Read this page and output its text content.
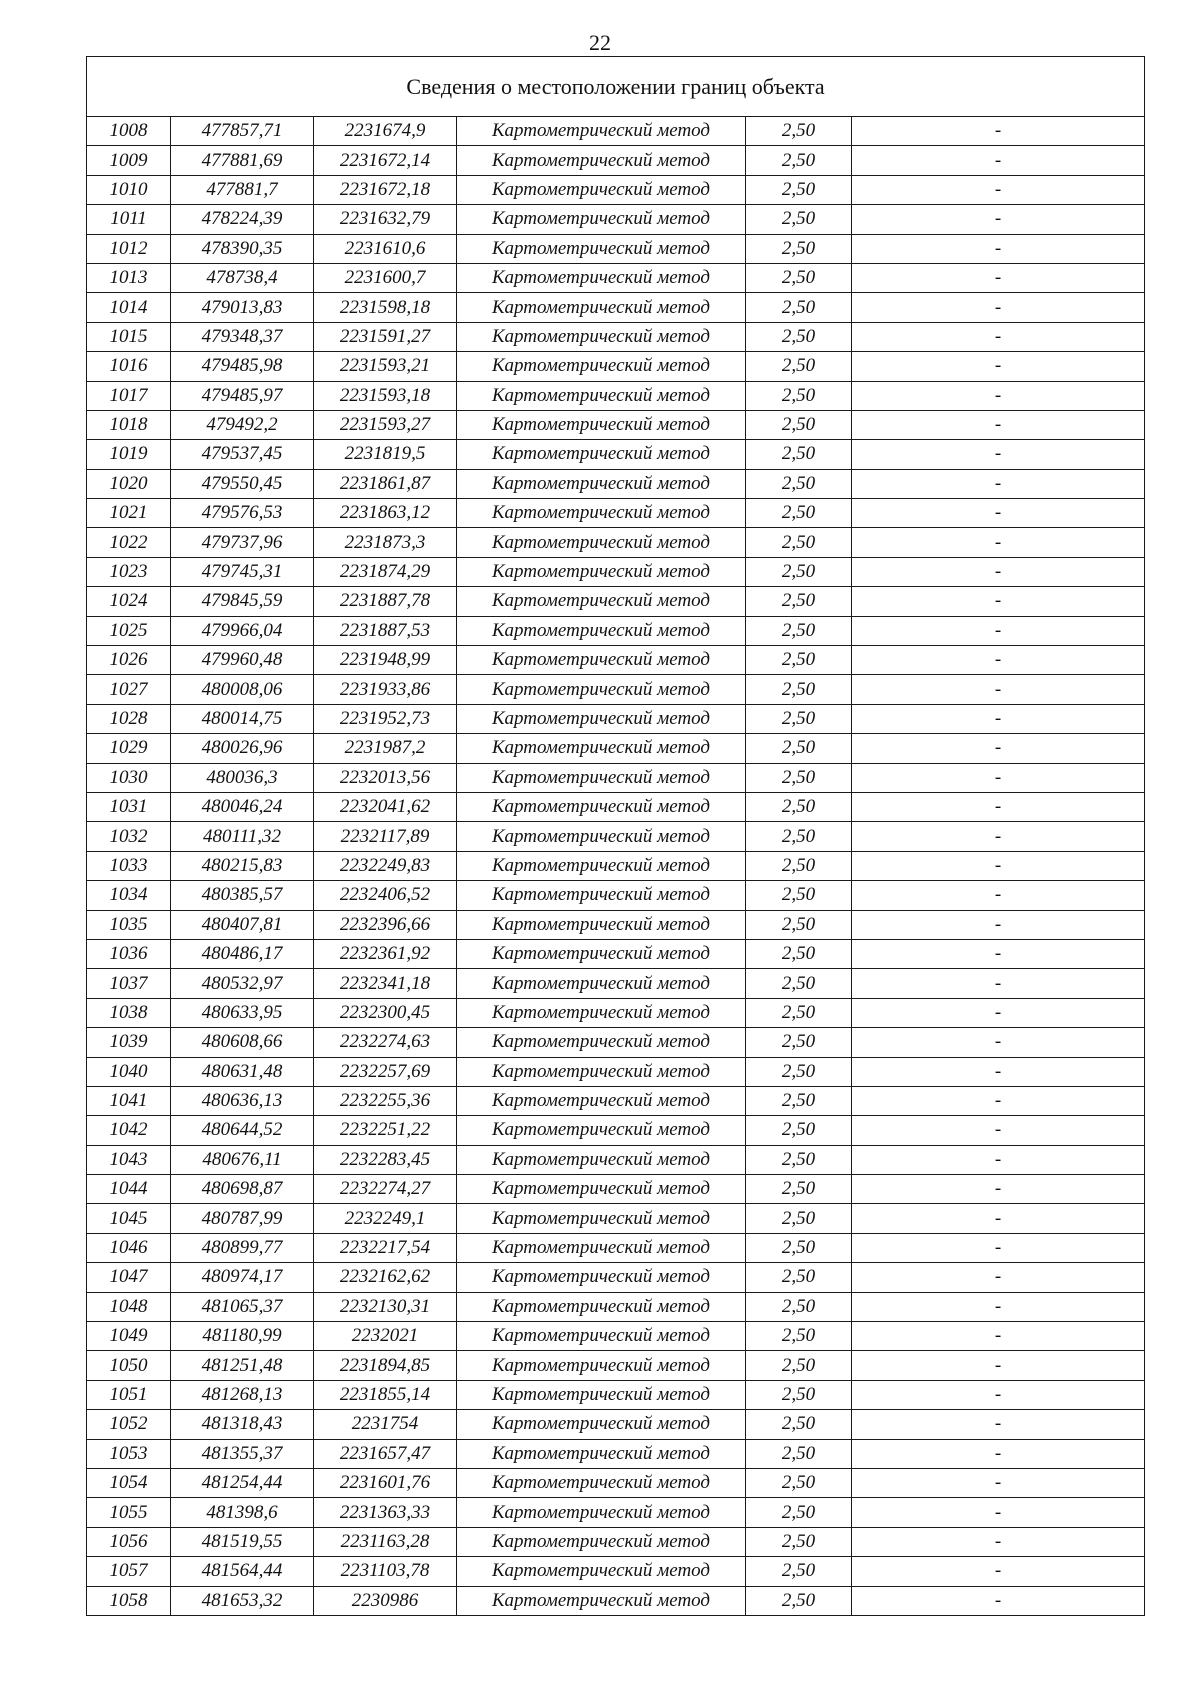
22
Сведения о местоположении границ объекта					
1008	477857,71	2231674,9	Картометрический метод	2,50	-
1009	477881,69	2231672,14	Картометрический метод	2,50	-
1010	477881,7	2231672,18	Картометрический метод	2,50	-
1011	478224,39	2231632,79	Картометрический метод	2,50	-
1012	478390,35	2231610,6	Картометрический метод	2,50	-
1013	478738,4	2231600,7	Картометрический метод	2,50	-
1014	479013,83	2231598,18	Картометрический метод	2,50	-
1015	479348,37	2231591,27	Картометрический метод	2,50	-
1016	479485,98	2231593,21	Картометрический метод	2,50	-
1017	479485,97	2231593,18	Картометрический метод	2,50	-
1018	479492,2	2231593,27	Картометрический метод	2,50	-
1019	479537,45	2231819,5	Картометрический метод	2,50	-
1020	479550,45	2231861,87	Картометрический метод	2,50	-
1021	479576,53	2231863,12	Картометрический метод	2,50	-
1022	479737,96	2231873,3	Картометрический метод	2,50	-
1023	479745,31	2231874,29	Картометрический метод	2,50	-
1024	479845,59	2231887,78	Картометрический метод	2,50	-
1025	479966,04	2231887,53	Картометрический метод	2,50	-
1026	479960,48	2231948,99	Картометрический метод	2,50	-
1027	480008,06	2231933,86	Картометрический метод	2,50	-
1028	480014,75	2231952,73	Картометрический метод	2,50	-
1029	480026,96	2231987,2	Картометрический метод	2,50	-
1030	480036,3	2232013,56	Картометрический метод	2,50	-
1031	480046,24	2232041,62	Картометрический метод	2,50	-
1032	480111,32	2232117,89	Картометрический метод	2,50	-
1033	480215,83	2232249,83	Картометрический метод	2,50	-
1034	480385,57	2232406,52	Картометрический метод	2,50	-
1035	480407,81	2232396,66	Картометрический метод	2,50	-
1036	480486,17	2232361,92	Картометрический метод	2,50	-
1037	480532,97	2232341,18	Картометрический метод	2,50	-
1038	480633,95	2232300,45	Картометрический метод	2,50	-
1039	480608,66	2232274,63	Картометрический метод	2,50	-
1040	480631,48	2232257,69	Картометрический метод	2,50	-
1041	480636,13	2232255,36	Картометрический метод	2,50	-
1042	480644,52	2232251,22	Картометрический метод	2,50	-
1043	480676,11	2232283,45	Картометрический метод	2,50	-
1044	480698,87	2232274,27	Картометрический метод	2,50	-
1045	480787,99	2232249,1	Картометрический метод	2,50	-
1046	480899,77	2232217,54	Картометрический метод	2,50	-
1047	480974,17	2232162,62	Картометрический метод	2,50	-
1048	481065,37	2232130,31	Картометрический метод	2,50	-
1049	481180,99	2232021	Картометрический метод	2,50	-
1050	481251,48	2231894,85	Картометрический метод	2,50	-
1051	481268,13	2231855,14	Картометрический метод	2,50	-
1052	481318,43	2231754	Картометрический метод	2,50	-
1053	481355,37	2231657,47	Картометрический метод	2,50	-
1054	481254,44	2231601,76	Картометрический метод	2,50	-
1055	481398,6	2231363,33	Картометрический метод	2,50	-
1056	481519,55	2231163,28	Картометрический метод	2,50	-
1057	481564,44	2231103,78	Картометрический метод	2,50	-
1058	481653,32	2230986	Картометрический метод	2,50	-
